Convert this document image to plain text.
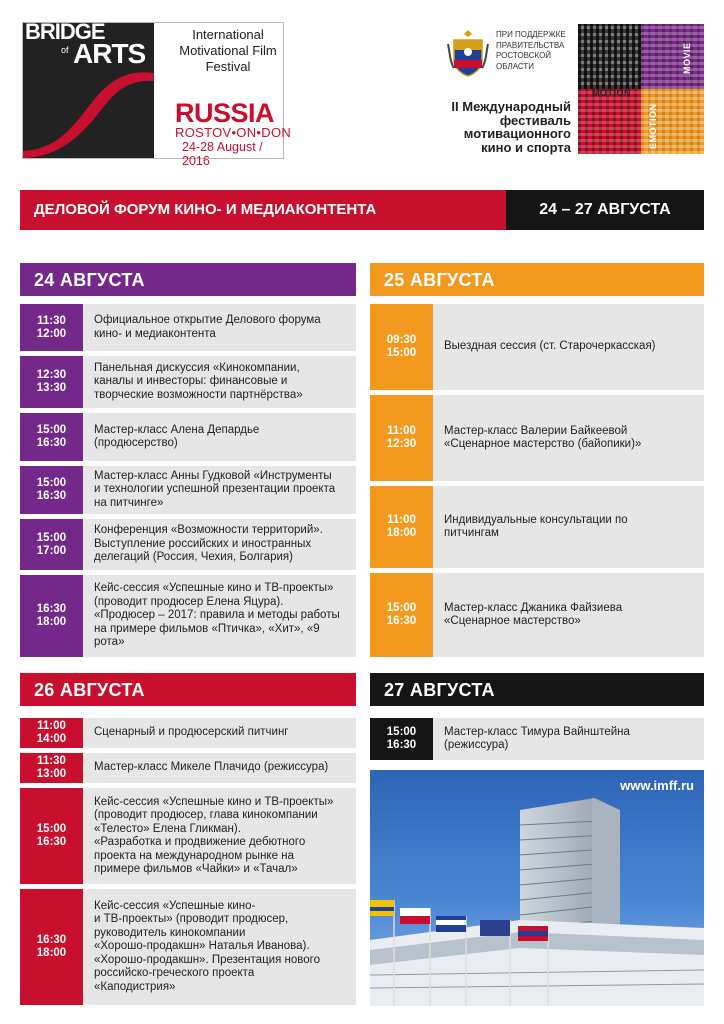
BRIDGE
of ARTS
International
Motivational Film
Festival
RUSSIA
ROSTOV•ON•DON
24-28 August / 2016
ПРИ ПОДДЕРЖКЕ
ПРАВИТЕЛЬСТВА
РОСТОВСКОЙ
ОБЛАСТИ
II Международный
фестиваль
мотивационного
кино и спорта
MOVIE
MOTION
EMOTION
ДЕЛОВОЙ ФОРУМ КИНО- И МЕДИАКОНТЕНТА	24 – 27 АВГУСТА
24 АВГУСТА
11:30
12:00
Официальное открытие Делового форума
кино- и медиаконтента
12:30
13:30
Панельная дискуссия «Кинокомпании,
каналы и инвесторы: финансовые и
творческие возможности партнёрства»
15:00
16:30
Мастер-класс Алена Депардье
(продюсерство)
15:00
16:30
Мастер-класс Анны Гудковой «Инструменты
и технологии успешной презентации проекта
на питчинге»
15:00
17:00
Конференция «Возможности территорий».
Выступление российских и иностранных
делегаций (Россия, Чехия, Болгария)
16:30
18:00
Кейс-сессия «Успешные кино и ТВ-проекты»
(проводит продюсер Елена Яцура).
«Продюсер – 2017: правила и методы работы
на примере фильмов «Птичка», «Хит», «9
рота»
25 АВГУСТА
09:30
15:00
Выездная сессия (ст. Старочеркасская)
11:00
12:30
Мастер-класс Валерии Байкеевой
«Сценарное мастерство (байопики)»
11:00
18:00
Индивидуальные консультации по
питчингам
15:00
16:30
Мастер-класс Джаника Файзиева
«Сценарное мастерство»
26 АВГУСТА
11:00
14:00
Сценарный и продюсерский питчинг
11:30
13:00
Мастер-класс Микеле Плачидо (режиссура)
15:00
16:30
Кейс-сессия «Успешные кино и ТВ-проекты»
(проводит продюсер, глава кинокомпании
«Телесто» Елена Гликман).
«Разработка и продвижение дебютного
проекта на международном рынке на
примере фильмов «Чайки» и «Тачал»
16:30
18:00
Кейс-сессия «Успешные кино-
и ТВ-проекты» (проводит продюсер,
руководитель кинокомпании
«Хорошо-продакшн» Наталья Иванова).
«Хорошо-продакшн». Презентация нового
российско-греческого проекта
«Каподистрия»
27 АВГУСТА
15:00
16:30
Мастер-класс Тимура Вайнштейна
(режиссура)
www.imff.ru
